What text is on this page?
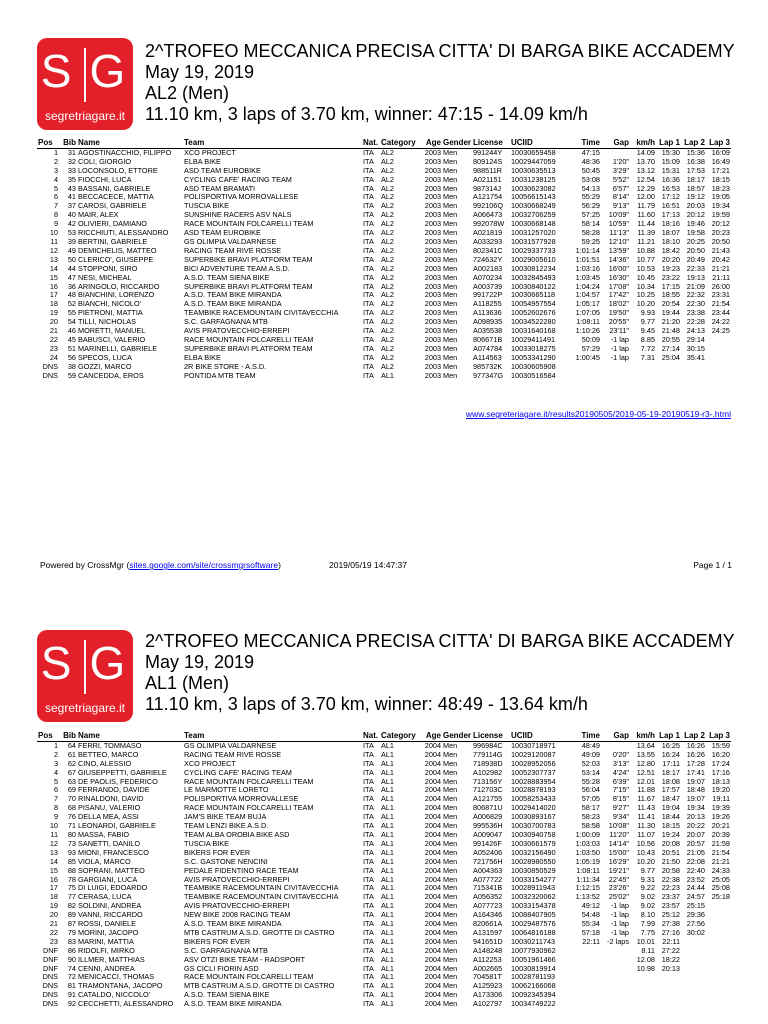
S G
segretriagare.it
2^TROFEO MECCANICA PRECISA CITTA' DI BARGA BIKE ACCADEMY
May 19, 2019
AL2 (Men)
11.10 km, 3 laps of 3.70 km, winner: 47:15 - 14.09 km/h
Pos	Bib	Name	Team	Nat.	Category	Age	Gender	License	UCIID	Time	Gap	km/h	Lap 1	Lap 2	Lap 3
1	31	AGOSTINACCHIO, FILIPPO	XCO PROJECT	ITA	AL2	2003	Men	991244Y	10030659458	47:15		14.09	15:30	15:36	16:09
2	32	COLI, GIORGIO	ELBA BIKE	ITA	AL2	2003	Men	809124S	10029447059	48:36	1'20"	13.70	15:09	16:38	16:49
3	33	LOCONSOLO, ETTORE	ASD TEAM EUROBIKE	ITA	AL2	2003	Men	988511R	10030635513	50:45	3'29"	13.12	15:31	17:53	17:21
4	35	FIOCCHI, LUCA	CYCLING CAFE' RACING TEAM	ITA	AL2	2003	Men	A021151	10031238125	53:08	5'52"	12.54	16:36	18:17	18:15
5	43	BASSANI, GABRIELE	ASD TEAM BRAMATI	ITA	AL2	2003	Men	987314J	10030623082	54:13	6'57"	12.29	16:53	18:57	18:23
6	41	BECCACECE, MATTIA	POLISPORTIVA MORROVALLESE	ITA	AL2	2003	Men	A121754	10056615143	55:29	8'14"	12.00	17:12	19:12	19:05
7	37	CAROSI, GABRIELE	TUSCIA BIKE	ITA	AL2	2003	Men	992106Q	10030668249	56:29	9'13"	11.79	16:51	20:03	19:34
8	40	MAIR, ALEX	SUNSHINE RACERS ASV NALS	ITA	AL2	2003	Men	A066473	10032706259	57:25	10'09"	11.60	17:13	20:12	19:59
9	42	OLIVIERI, DAMIANO	RACE MOUNTAIN FOLCARELLI TEAM	ITA	AL2	2003	Men	992078W	10030668148	58:14	10'59"	11.44	18:16	19:46	20:12
10	53	RICCHIUTI, ALESSANDRO	ASD TEAM EUROBIKE	ITA	AL2	2003	Men	A021819	10031257020	58:28	11'13"	11.39	18:07	19:58	20:23
11	39	BERTINI, GABRIELE	GS OLIMPIA VALDARNESE	ITA	AL2	2003	Men	A033293	10031577928	59:25	12'10"	11.21	18:10	20:25	20:50
12	49	DEMICHELIS, MATTEO	RACING TEAM RIVE ROSSE	ITA	AL2	2003	Men	802341C	10029337733	1:01:14	13'59"	10.88	18:42	20:50	21:43
13	50	CLERICO', GIUSEPPE	SUPERBIKE BRAVI PLATFORM TEAM	ITA	AL2	2003	Men	724632Y	10029005610	1:01:51	14'36"	10.77	20:20	20:49	20:42
14	44	STOPPONI, SIRO	BICI ADVENTURE TEAM A.S.D.	ITA	AL2	2003	Men	A002183	10030812234	1:03:16	16'00"	10.53	19:23	22:33	21:21
15	47	NESI, MICHEAL	A.S.D. TEAM SIENA BIKE	ITA	AL2	2003	Men	A070234	10032845493	1:03:45	16'30"	10.45	23:22	19:13	21:11
16	36	ARINGOLO, RICCARDO	SUPERBIKE BRAVI PLATFORM TEAM	ITA	AL2	2003	Men	A003739	10030840122	1:04:24	17'08"	10.34	17:15	21:09	26:00
17	48	BIANCHINI, LORENZO	A.S.D. TEAM BIKE MIRANDA	ITA	AL2	2003	Men	991722P	10030665118	1:04:57	17'42"	10.25	18:55	22:32	23:31
18	52	BIANCHI, NICOLO'	A.S.D. TEAM BIKE MIRANDA	ITA	AL2	2003	Men	A118255	10054957554	1:05:17	18'02"	10.20	20:54	22:30	21:54
19	55	PIETRONI, MATTIA	TEAMBIKE RACEMOUNTAIN CIVITAVECCHIA	ITA	AL2	2003	Men	A113636	10052602676	1:07:05	19'50"	9.93	19:44	23:38	23:44
20	54	TILLI, NICHOLAS	S.C. GARFAGNANA MTB	ITA	AL2	2003	Men	A098935	10034522280	1:08:11	20'55"	9.77	21:20	22:28	24:22
21	46	MORETTI, MANUEL	AVIS PRATOVECCHIO-ERREPI	ITA	AL2	2003	Men	A035538	10031640168	1:10:26	23'11"	9.45	21:48	24:13	24:25
22	45	BABUSCI, VALERIO	RACE MOUNTAIN FOLCARELLI TEAM	ITA	AL2	2003	Men	806671B	10029411491	50:09	-1 lap	8.85	20:55	29:14	
23	51	MARINELLI, GABRIELE	SUPERBIKE BRAVI PLATFORM TEAM	ITA	AL2	2003	Men	A074784	10033018275	57:29	-1 lap	7.72	27:14	30:15	
24	56	SPECOS, LUCA	ELBA BIKE	ITA	AL2	2003	Men	A114563	10053341290	1:00:45	-1 lap	7.31	25:04	35:41	
DNS	38	GOZZI, MARCO	2R BIKE STORE - A.S.D.	ITA	AL2	2003	Men	985732K	10030605908						
DNS	59	CANCEDDA, EROS	PONTIDA MTB TEAM	ITA	AL1	2003	Men	977347G	10030516584						
www.segreteriagare.it/results20190505/2019-05-19-20190519-r3-.html
Powered by CrossMgr (sites.google.com/site/crossmgrsoftware)	2019/05/19 14:47:37	Page 1 / 1
S G
segretriagare.it
2^TROFEO MECCANICA PRECISA CITTA' DI BARGA BIKE ACCADEMY
May 19, 2019
AL1 (Men)
11.10 km, 3 laps of 3.70 km, winner: 48:49 - 13.64 km/h
Pos	Bib	Name	Team	Nat.	Category	Age	Gender	License	UCIID	Time	Gap	km/h	Lap 1	Lap 2	Lap 3
1	64	FERRI, TOMMASO	GS OLIMPIA VALDARNESE	ITA	AL1	2004	Men	996984C	10030718971	48:49		13.64	16:25	16:26	15:59
2	61	BETTEO, MARCO	RACING TEAM RIVE ROSSE	ITA	AL1	2004	Men	779114G	10029120087	49:09	0'20"	13.55	16:24	16:26	16:20
3	62	CINO, ALESSIO	XCO PROJECT	ITA	AL1	2004	Men	718938D	10028952056	52:03	3'13"	12.80	17:11	17:28	17:24
4	67	GIUSEPPETTI, GABRIELE	CYCLING CAFE' RACING TEAM	ITA	AL1	2004	Men	A102982	10052307737	53:14	4'24"	12.51	18:17	17:41	17:16
5	63	DE PAOLIS, FEDERICO	RACE MOUNTAIN FOLCARELLI TEAM	ITA	AL1	2004	Men	713156Y	10028883954	55:28	6'39"	12.01	18:08	19:07	18:13
6	69	FERRANDO, DAVIDE	LE MARMOTTE LORETO	ITA	AL1	2004	Men	712703C	10028878193	56:04	7'15"	11.88	17:57	18:48	19:20
7	70	RINALDONI, DAVID	POLISPORTIVA MORROVALLESE	ITA	AL1	2004	Men	A121755	10058253433	57:05	8'15"	11.67	18:47	19:07	19:11
8	68	PISANU, VALERIO	RACE MOUNTAIN FOLCARELLI TEAM	ITA	AL1	2004	Men	806871U	10029414020	58:17	9'27"	11.43	19:04	19:34	19:39
9	76	DELLA MEA, ASSI	JAM'S BIKE TEAM BUJA	ITA	AL1	2004	Men	A006829	10030893167	58:23	9'34"	11.41	18:44	20:13	19:26
10	71	LEONARDI, GABRIELE	TEAM LENZI BIKE A.S.D.	ITA	AL1	2004	Men	995536H	10030700783	58:58	10'08"	11.30	18:15	20:22	20:21
11	80	MASSA, FABIO	TEAM ALBA OROBIA BIKE ASD	ITA	AL1	2004	Men	A009047	10030940758	1:00:09	11'20"	11.07	19:24	20:07	20:39
12	73	SANETTI, DANILO	TUSCIA BIKE	ITA	AL1	2004	Men	991426F	10030661579	1:03:03	14'14"	10.56	20:08	20:57	21:59
13	93	MIONI, FRANCESCO	BIKERS FOR EVER	ITA	AL1	2004	Men	A052406	10032156490	1:03:50	15'00"	10.43	20:51	21:05	21:54
14	85	VIOLA, MARCO	S.C. GASTONE NENCINI	ITA	AL1	2004	Men	721756H	10028980550	1:05:19	16'29"	10.20	21:50	22:08	21:21
15	88	SOPRANI, MATTEO	PEDALE FIDENTINO RACE TEAM	ITA	AL1	2004	Men	A004363	10030850529	1:08:11	19'21"	9.77	20:58	22:40	24:33
16	78	GARGIANI, LUCA	AVIS PRATOVECCHIO-ERREPI	ITA	AL1	2004	Men	A077722	10033154277	1:11:34	22'45"	9.31	22:38	23:52	25:05
17	75	DI LUIGI, EDOARDO	TEAMBIKE RACEMOUNTAIN CIVITAVECCHIA	ITA	AL1	2004	Men	715341B	10028911943	1:12:15	23'26"	9.22	22:23	24:44	25:08
18	77	CERASA, LUCA	TEAMBIKE RACEMOUNTAIN CIVITAVECCHIA	ITA	AL1	2004	Men	A056352	10032320062	1:13:52	25'02"	9.02	23:37	24:57	25:18
19	82	SOLDINI, ANDREA	AVIS PRATOVECCHIO-ERREPI	ITA	AL1	2004	Men	A077723	10033154378	49:12	-1 lap	9.02	23:57	25:15	
20	89	VANNI, RICCARDO	NEW BIKE 2008 RACING TEAM	ITA	AL1	2004	Men	A164346	10088407905	54:48	-1 lap	8.10	25:12	29:36	
21	87	ROSSI, DANIELE	A.S.D. TEAM BIKE MIRANDA	ITA	AL1	2004	Men	820661A	10029487576	55:34	-1 lap	7.99	27:38	27:56	
22	79	MORINI, JACOPO	MTB CASTRUM A.S.D. GROTTE DI CASTRO	ITA	AL1	2004	Men	A131597	10064816188	57:18	-1 lap	7.75	27:16	30:02	
23	83	MARINI, MATTIA	BIKERS FOR EVER	ITA	AL1	2004	Men	941651D	10030211743	22:11	-2 laps	10.01	22:11		
DNF	86	RIDOLFI, MIRKO	S.C. GARFAGNANA MTB	ITA	AL1	2004	Men	A148248	10077930962			8.11	27:22		
DNF	90	ILLMER, MATTHIAS	ASV ÖTZI BIKE TEAM - RADSPORT	ITA	AL1	2004	Men	A112253	10051961466			12.08	18:22		
DNF	74	CENNI, ANDREA	GS CICLI FIORIN ASD	ITA	AL1	2004	Men	A002665	10030819914			10.98	20:13		
DNS	72	MENICACCI, THOMAS	RACE MOUNTAIN FOLCARELLI TEAM	ITA	AL1	2004	Men	704581T	10028781193						
DNS	81	TRAMONTANA, JACOPO	MTB CASTRUM A.S.D. GROTTE DI CASTRO	ITA	AL1	2004	Men	A125923	10062166068						
DNS	91	CATALDO, NICCOLO'	A.S.D. TEAM SIENA BIKE	ITA	AL1	2004	Men	A173306	10092345394						
DNS	92	CECCHETTI, ALESSANDRO	A.S.D. TEAM BIKE MIRANDA	ITA	AL1	2004	Men	A102797	10034749222						
